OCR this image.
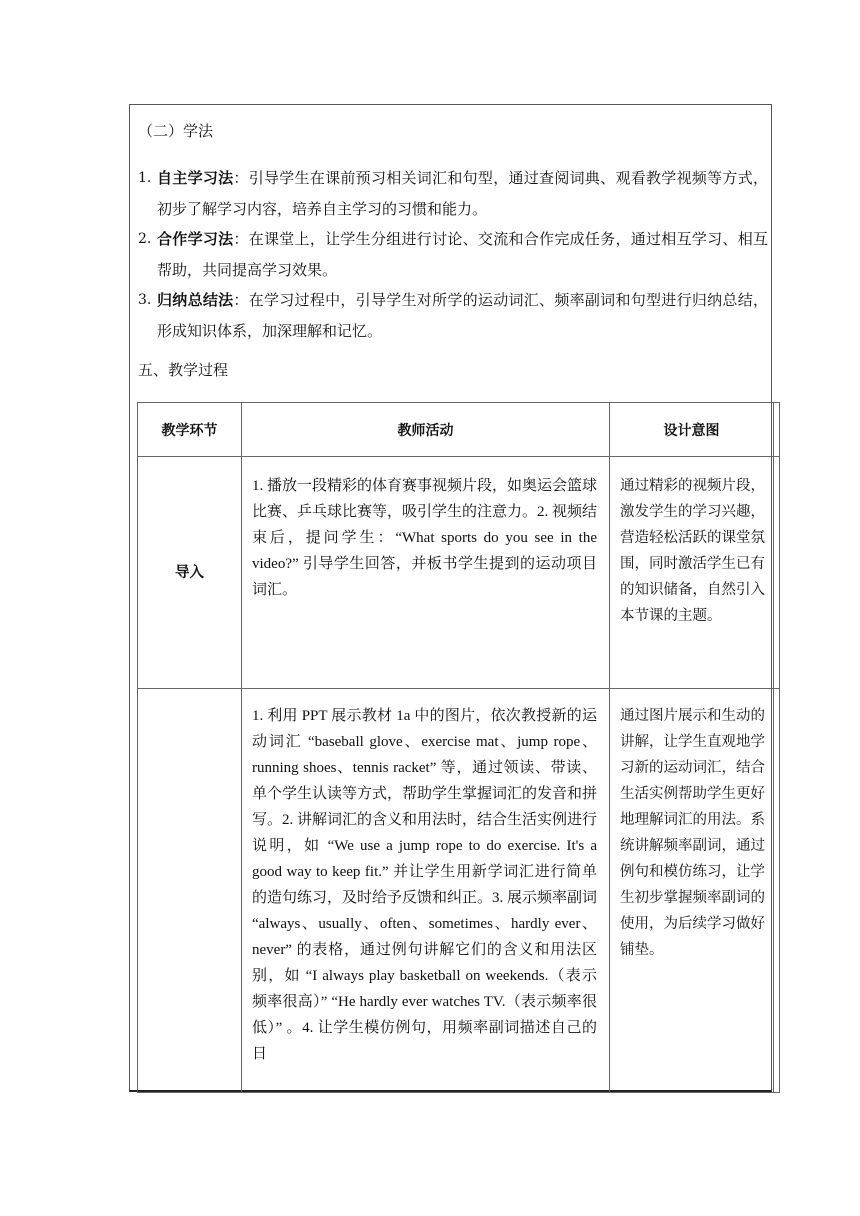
（二）学法
1. 自主学习法：引导学生在课前预习相关词汇和句型，通过查阅词典、观看教学视频等方式，初步了解学习内容，培养自主学习的习惯和能力。
2. 合作学习法：在课堂上，让学生分组进行讨论、交流和合作完成任务，通过相互学习、相互帮助，共同提高学习效果。
3. 归纳总结法：在学习过程中，引导学生对所学的运动词汇、频率副词和句型进行归纳总结，形成知识体系，加深理解和记忆。
五、教学过程
教学环节	教师活动	设计意图	
导入	1. 播放一段精彩的体育赛事视频片段，如奥运会篮球比赛、乒乓球比赛等，吸引学生的注意力。2. 视频结束后，提问学生：“What sports do you see in the video?” 引导学生回答，并板书学生提到的运动项目词汇。	通过精彩的视频片段，激发学生的学习兴趣，营造轻松活跃的课堂氛围，同时激活学生已有的知识储备，自然引入本节课的主题。	
	1. 利用 PPT 展示教材 1a 中的图片，依次教授新的运动词汇 “baseball glove、exercise mat、jump rope、running shoes、tennis racket” 等，通过领读、带读、单个学生认读等方式，帮助学生掌握词汇的发音和拼写。2. 讲解词汇的含义和用法时，结合生活实例进行说明，如 “We use a jump rope to do exercise. It's a good way to keep fit.” 并让学生用新学词汇进行简单的造句练习，及时给予反馈和纠正。3. 展示频率副词 “always、usually、often、sometimes、hardly ever、never” 的表格，通过例句讲解它们的含义和用法区别，如 “I always play basketball on weekends.（表示频率很高）” “He hardly ever watches TV.（表示频率很低）” 。4. 让学生模仿例句，用频率副词描述自己的日	通过图片展示和生动的讲解，让学生直观地学习新的运动词汇，结合生活实例帮助学生更好地理解词汇的用法。系统讲解频率副词，通过例句和模仿练习，让学生初步掌握频率副词的使用，为后续学习做好铺垫。	
